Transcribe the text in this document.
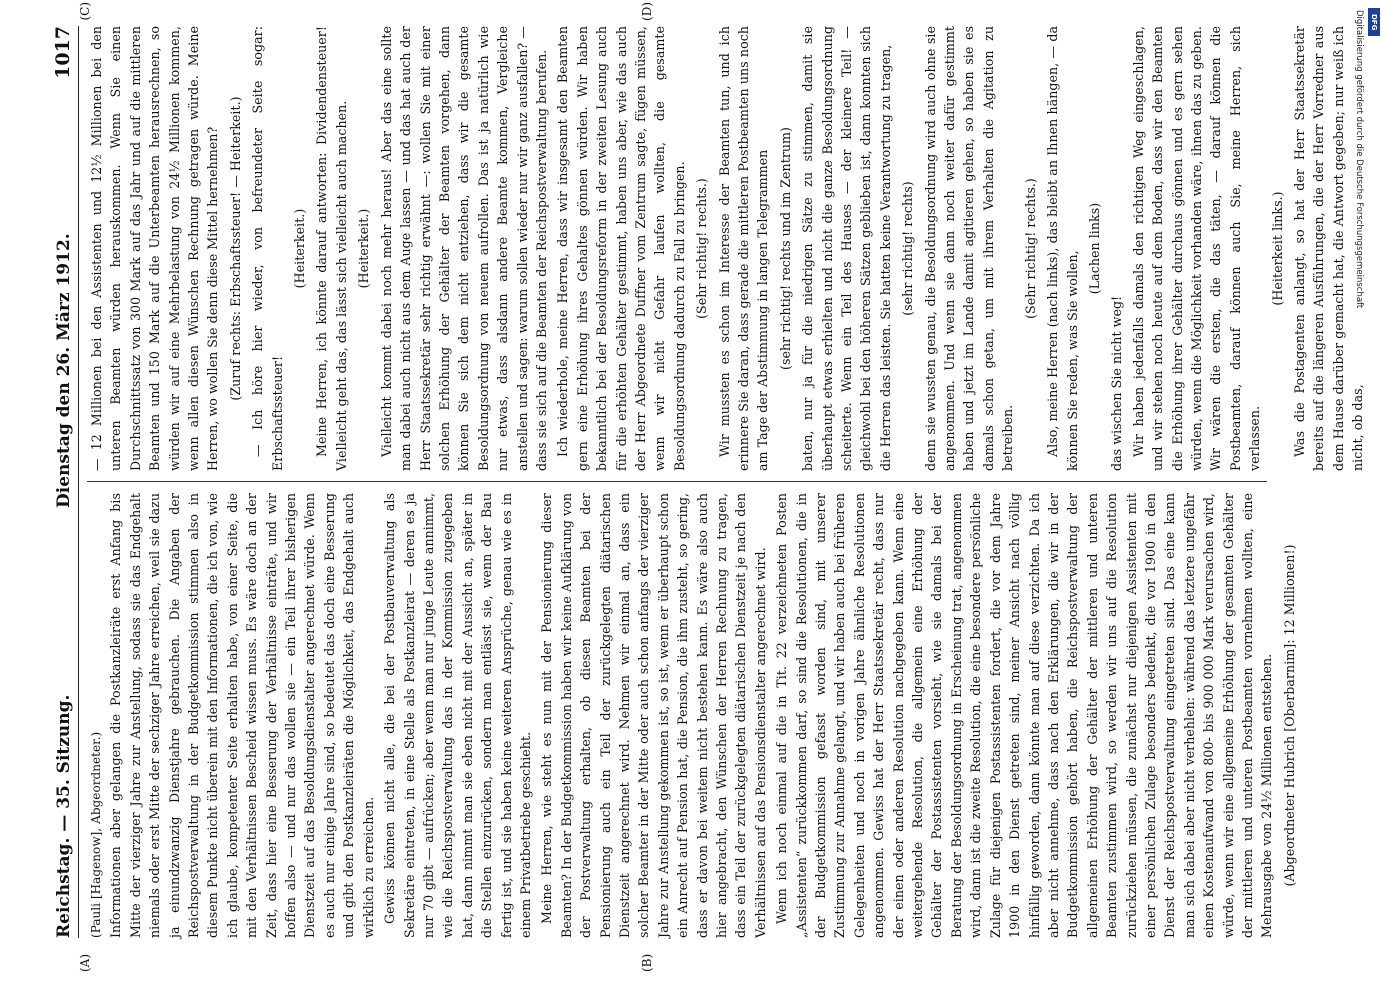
Reichstag. — 35. Sitzung.
Dienstag den 26. März 1912.
1017
(Pauli [Hagenow], Abgeordneter.) Informationen aber gelangen die Postkanzleiräte erst Anfang bis Mitte der vierziger Jahre zur Anstellung, sodass sie das Endgehalt niemals oder erst Mitte der sechziger Jahre erreichen, weil sie dazu ja einundzwanzig Dienstjahre gebrauchen. Die Angaben der Reichspostverwaltung in der Budgetkommission stimmen also in diesem Punkte nicht überein mit den Informationen, die ich von, wie ich glaube, kompetenter Seite erhalten habe, von einer Seite, die mit den Verhältnissen Bescheid wissen muss. Es wäre doch an der Zeit, dass hier eine Besserung der Verhältnisse einträte, und wir hoffen also — und nur das wollen sie — ein Teil ihrer bisherigen Dienstzeit auf das Besoldungsdienstalter angerechnet würde. Wenn es auch nur einige Jahre sind, so bedeutet das doch eine Besserung und gibt den Postkanzleiräten die Möglichkeit, das Endgehalt auch wirklich zu erreichen. Gewiss können nicht alle, die bei der Postbauverwaltung als Sekretäre eintreten, in eine Stelle als Postkanzleirat — deren es ja nur 70 gibt — aufrücken; aber wenn man nur junge Leute annimmt, wie die Reichspostverwaltung das in der Kommission zugegeben hat, dann nimmt man sie eben nicht mit der Aussicht an, später in die Stellen einzurücken, sondern man entlässt sie, wenn der Bau fertig ist, und sie haben keine weiteren Ansprüche, genau wie es in einem Privatbetriebe geschieht. Meine Herren, wie steht es nun mit der Pensionierung dieser Beamten? In der Budgetkommission haben wir keine Aufklärung von der Postverwaltung erhalten, ob diesen Beamten bei der Pensionierung auch ein Teil der zurückgelegten diätarischen Dienstzeit angerechnet wird. Nehmen wir einmal an, dass ein solcher Beamter in der Mitte oder auch schon anfangs der vierziger Jahre zur Anstellung gekommen ist, so ist, wenn er überhaupt schon ein Anrecht auf Pension hat, die Pension, die ihm zusteht, so gering, dass er davon bei weitem nicht bestehen kann. Es wäre also auch hier angebracht, den Wünschen der Herren Rechnung zu tragen, dass ein Teil der zurückgelegten diätarischen Dienstzeit je nach den Verhältnissen auf das Pensionsdienstalter angerechnet wird. Wenn ich noch einmal auf die in Tit. 22 verzeichneten Posten „Assistenten“ zurückkommen darf, so sind die Resolutionen, die in der Budgetkommission gefasst worden sind, mit unserer Zustimmung zur Annahme gelangt, und wir haben auch bei früheren Gelegenheiten und noch in vorigen Jahre ähnliche Resolutionen angenommen. Gewiss hat der Herr Staatssekretär recht, dass nur der einen oder anderen Resolution nachgegeben kann. Wenn eine weitergehende Resolution, die allgemein eine Erhöhung der Gehälter der Postassistenten vorsieht, wie sie damals bei der Beratung der Besoldungsordnung in Erscheinung trat, angenommen wird, dann ist die zweite Resolution, die eine besondere persönliche Zulage für diejenigen Postassistenten fordert, die vor dem Jahre 1900 in den Dienst getreten sind, meiner Ansicht nach völlig hinfällig geworden, dann könnte man auf diese verzichten. Da ich aber nicht annehme, dass nach den Erklärungen, die wir in der Budgetkommission gehört haben, die Reichspostverwaltung der allgemeinen Erhöhung der Gehälter der mittleren und unteren Beamten zustimmen wird, so werden wir uns auf die Resolution zurückziehen müssen, die zunächst nur diejenigen Assistenten mit einer persönlichen Zulage besonders bedenkt, die vor 1900 in den Dienst der Reichspostverwaltung eingetreten sind. Das eine kann man sich dabei aber nicht verhehlen: während das letztere ungefähr einen Kostenaufwand von 800- bis 900 000 Mark verursachen wird, würde, wenn wir eine allgemeine Erhöhung der gesamten Gehälter der mittleren und unteren Postbeamten vornehmen wollten, eine Mehrausgabe von 24½ Millionen entstehen. (Abgeordneter Hubrich [Oberbarnim]: 12 Millionen!)

— 12 Millionen bei den Assistenten und 12½ Millionen bei den unteren Beamten würden herauskommen. Wenn Sie einen Durchschnittssatz von 300 Mark auf das Jahr und auf die mittleren Beamten und 150 Mark auf die Unterbeamten herausrechnen, so würden wir auf eine Mehrbelastung von 24½ Millionen kommen, wenn allen diesen Wünschen Rechnung getragen würde. Meine Herren, wo wollen Sie denn diese Mittel hernehmen? (Zuruf rechts: Erbschaftssteuer! — Heiterkeit.) — Ich höre hier wieder, von befreundeter Seite sogar: Erbschaftssteuer!

(Heiterkeit.) Meine Herren, ich könnte darauf antworten: Dividendensteuer! Vielleicht geht das, das lässt sich vielleicht auch machen. (Heiterkeit.) Vielleicht kommt dabei noch mehr heraus! Aber das eine sollte man dabei auch nicht aus dem Auge lassen — und das hat auch der Herr Staatssekretär sehr richtig erwähnt —: wollen Sie mit einer solchen Erhöhung der Gehälter der Beamten vorgehen, dann können Sie sich dem nicht entziehen, dass wir die gesamte Besoldungsordnung von neuem aufrollen. Das ist ja natürlich wie nur etwas, dass alsdann andere Beamte kommen, Vergleiche anstellen und sagen: warum sollen wieder nur wir ganz ausfallen? — dass sie sich auf die Beamten der Reichspostverwaltung berufen. Ich wiederhole, meine Herren, dass wir insgesamt den Beamten gern eine Erhöhung ihres Gehaltes gönnen würden. Wir haben bekanntlich bei der Besoldungsreform in der zweiten Lesung auch für die erhöhten Gehälter gestimmt, haben uns aber, wie das auch der Herr Abgeordnete Duffner vom Zentrum sagte, fügen müssen, wenn wir nicht Gefahr laufen wollten, die gesamte Besoldungsordnung dadurch zu Fall zu bringen. (Sehr richtig! rechts.) Wir mussten es schon im Interesse der Beamten tun, und ich erinnere Sie daran, dass gerade die mittleren Postbeamten uns noch am Tage der Abstimmung in langen Telegrammen (sehr richtig! rechts und im Zentrum) baten, nur ja für die niedrigen Sätze zu stimmen, damit sie überhaupt etwas erhielten und nicht die ganze Besoldungsordnung scheiterte. Wenn ein Teil des Hauses — der kleinere Teil! — gleichwohl bei den höheren Sätzen geblieben ist, dann konnten sich die Herren das leisten. Sie hatten keine Verantwortung zu tragen, (sehr richtig! rechts) denn sie wussten genau, die Besoldungsordnung wird auch ohne sie angenommen. Und wenn sie dann noch weiter dafür gestimmt haben und jetzt im Lande damit agitieren gehen, so haben sie es damals schon getan, um mit ihrem Verhalten die Agitation zu betreiben.

(Sehr richtig! rechts.) Also, meine Herren (nach links), das bleibt an Ihnen hängen, — da können Sie reden, was Sie wollen,

(Lachen links)

das wischen Sie nicht weg! Wir haben jedenfalls damals den richtigen Weg eingeschlagen, und wir stehen noch heute auf dem Boden, dass wir den Beamten die Erhöhung ihrer Gehälter durchaus gönnen und es gern sehen würden, wenn die Möglichkeit vorhanden wäre, ihnen das zu geben. Wir wären die ersten, die das täten, — darauf können die Postbeamten, darauf können auch Sie, meine Herren, sich verlassen.

(Heiterkeit links.) Was die Postagenten anlangt, so hat der Herr Staatssekretär bereits auf die längeren Ausführungen, die der Herr Vorredner aus dem Hause darüber gemacht hat, die Antwort gegeben; nur weiß ich nicht, ob das,

(A)	(B)
(C)	(D)
DFG
Digitalisierung gefördert durch die Deutsche Forschungsgemeinschaft
